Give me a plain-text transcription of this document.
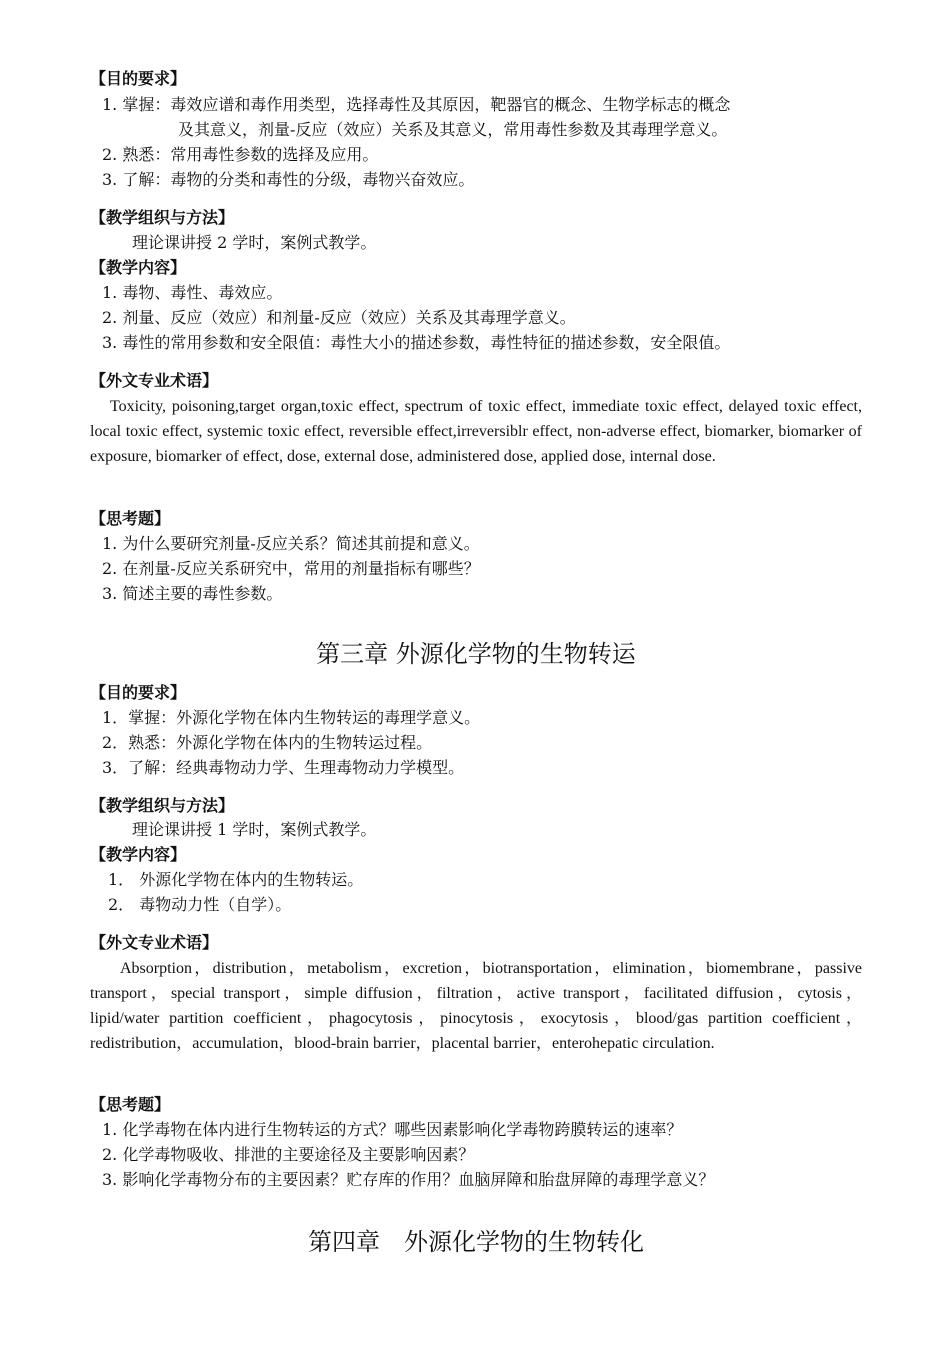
【目的要求】
1. 掌握：毒效应谱和毒作用类型，选择毒性及其原因，靶器官的概念、生物学标志的概念
及其意义，剂量-反应（效应）关系及其意义，常用毒性参数及其毒理学意义。
2. 熟悉：常用毒性参数的选择及应用。
3. 了解：毒物的分类和毒性的分级，毒物兴奋效应。
【教学组织与方法】
理论课讲授 2 学时，案例式教学。
【教学内容】
1. 毒物、毒性、毒效应。
2. 剂量、反应（效应）和剂量-反应（效应）关系及其毒理学意义。
3. 毒性的常用参数和安全限值：毒性大小的描述参数，毒性特征的描述参数，安全限值。
【外文专业术语】
Toxicity, poisoning,target organ,toxic effect, spectrum of toxic effect, immediate toxic effect, delayed toxic effect, local toxic effect, systemic toxic effect, reversible effect,irreversiblr effect, non-adverse effect, biomarker, biomarker of exposure, biomarker of effect, dose, external dose, administered dose, applied dose, internal dose.
【思考题】
1. 为什么要研究剂量-反应关系？简述其前提和意义。
2. 在剂量-反应关系研究中，常用的剂量指标有哪些？
3. 简述主要的毒性参数。
第三章 外源化学物的生物转运
【目的要求】
1．掌握：外源化学物在体内生物转运的毒理学意义。
2．熟悉：外源化学物在体内的生物转运过程。
3．了解：经典毒物动力学、生理毒物动力学模型。
【教学组织与方法】
理论课讲授 1 学时，案例式教学。
【教学内容】
1． 外源化学物在体内的生物转运。
2． 毒物动力性（自学）。
【外文专业术语】
Absorption，distribution，metabolism，excretion，biotransportation，elimination，biomembrane，passive transport，special transport，simple diffusion，filtration，active transport，facilitated diffusion，cytosis，lipid/water partition coefficient，phagocytosis，pinocytosis，exocytosis，blood/gas partition coefficient，redistribution，accumulation，blood-brain barrier，placental barrier，enterohepatic circulation.
【思考题】
1. 化学毒物在体内进行生物转运的方式？哪些因素影响化学毒物跨膜转运的速率？
2. 化学毒物吸收、排泄的主要途径及主要影响因素？
3. 影响化学毒物分布的主要因素？贮存库的作用？血脑屏障和胎盘屏障的毒理学意义？
第四章　外源化学物的生物转化
